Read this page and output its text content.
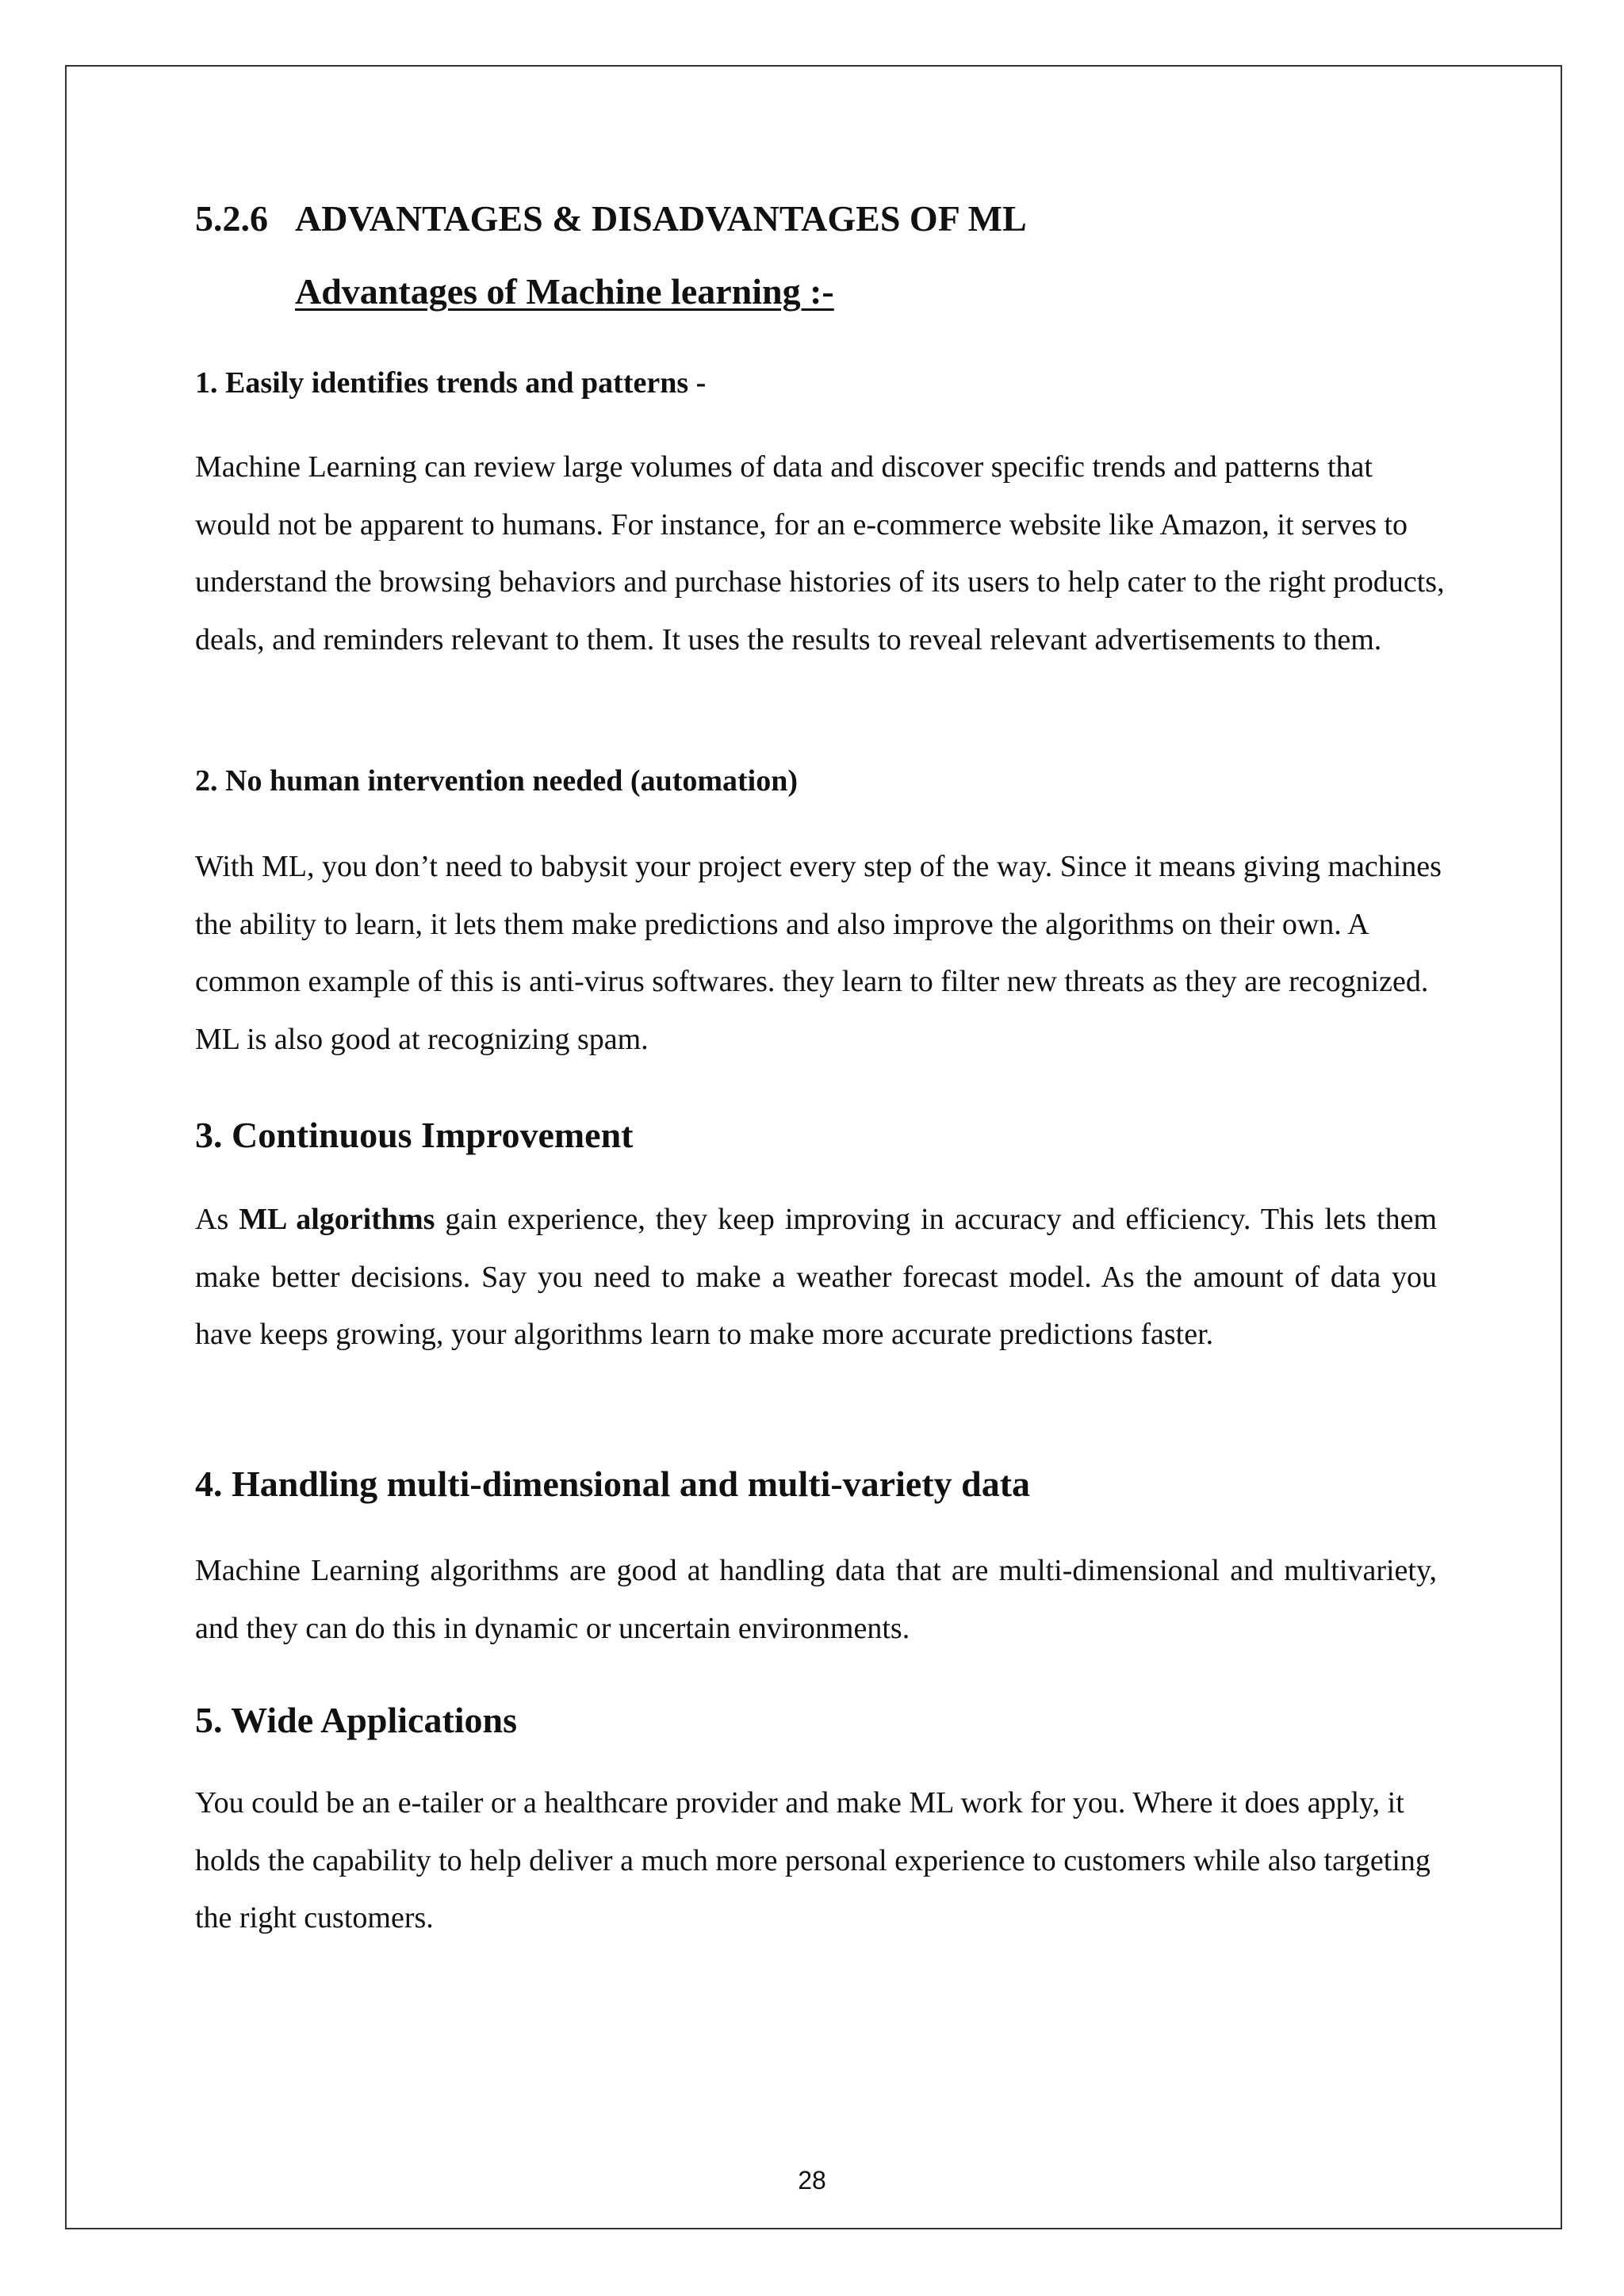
5.2.6 ADVANTAGES & DISADVANTAGES OF ML
Advantages of Machine learning :-
1. Easily identifies trends and patterns -

Machine Learning can review large volumes of data and discover specific trends and patterns that would not be apparent to humans. For instance, for an e-commerce website like Amazon, it serves to understand the browsing behaviors and purchase histories of its users to help cater to the right products, deals, and reminders relevant to them. It uses the results to reveal relevant advertisements to them.

2. No human intervention needed (automation)

With ML, you don’t need to babysit your project every step of the way. Since it means giving machines the ability to learn, it lets them make predictions and also improve the algorithms on their own. A common example of this is anti-virus softwares. they learn to filter new threats as they are recognized. ML is also good at recognizing spam.

3. Continuous Improvement

As ML algorithms gain experience, they keep improving in accuracy and efficiency. This lets them make better decisions. Say you need to make a weather forecast model. As the amount of data you have keeps growing, your algorithms learn to make more accurate predictions faster.

4. Handling multi-dimensional and multi-variety data

Machine Learning algorithms are good at handling data that are multi-dimensional and multivariety, and they can do this in dynamic or uncertain environments.

5. Wide Applications

You could be an e-tailer or a healthcare provider and make ML work for you. Where it does apply, it holds the capability to help deliver a much more personal experience to customers while also targeting the right customers.

28
